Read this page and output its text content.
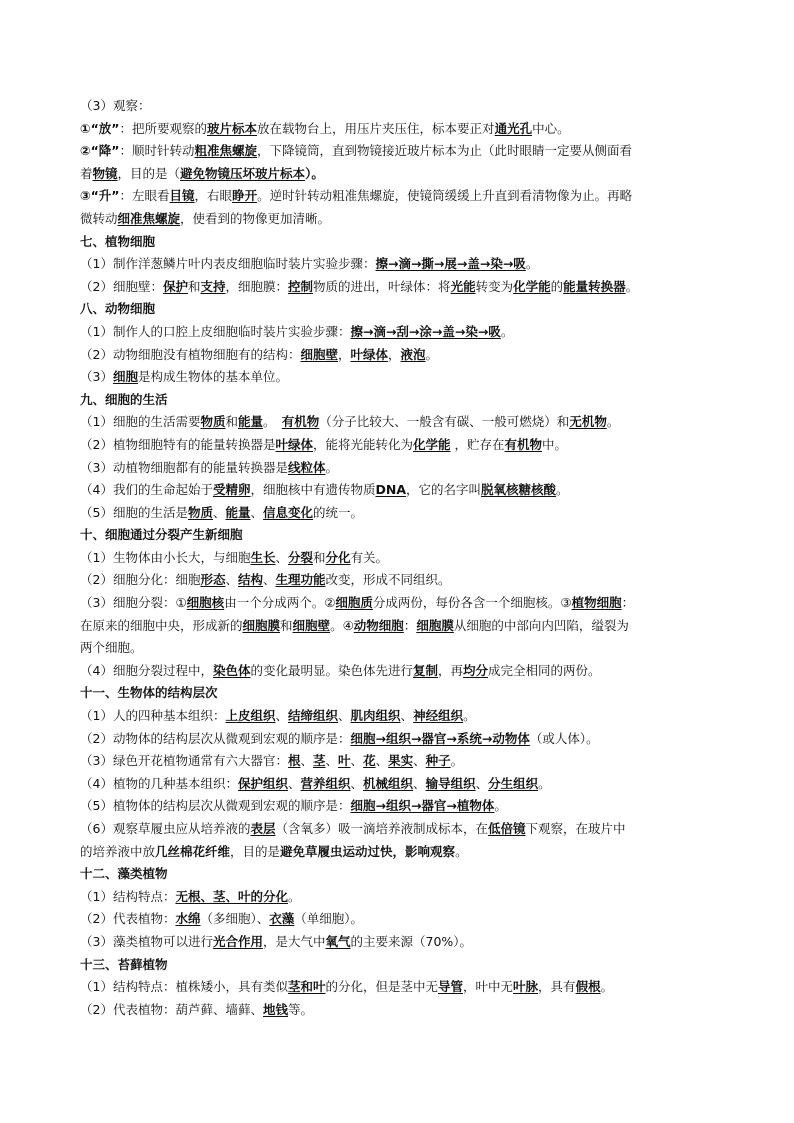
（3）观察：
①“放”：把所要观察的玻片标本放在载物台上，用压片夹压住，标本要正对通光孔中心。
②“降”：顺时针转动粗准焦螺旋，下降镜筒，直到物镜接近玻片标本为止（此时眼睛一定要从侧面看
着物镜，目的是（避免物镜压坏玻片标本）。
③“升”：左眼看目镜，右眼睁开。逆时针转动粗准焦螺旋，使镜筒缓缓上升直到看清物像为止。再略
微转动细准焦螺旋，使看到的物像更加清晰。
七、植物细胞
（1）制作洋葱鳞片叶内表皮细胞临时装片实验步骤：擦→滴→撕→展→盖→染→吸。
（2）细胞壁：保护和支持，细胞膜：控制物质的进出，叶绿体：将光能转变为化学能的能量转换器。
八、动物细胞
（1）制作人的口腔上皮细胞临时装片实验步骤：擦→滴→刮→涂→盖→染→吸。
（2）动物细胞没有植物细胞有的结构：细胞壁，叶绿体，液泡。
（3）细胞是构成生物体的基本单位。
九、细胞的生活
（1）细胞的生活需要物质和能量。　有机物（分子比较大、一般含有碳、一般可燃烧）和无机物。
（2）植物细胞特有的能量转换器是叶绿体，能将光能转化为化学能 ，贮存在有机物中。
（3）动植物细胞都有的能量转换器是线粒体。
（4）我们的生命起始于受精卵，细胞核中有遗传物质DNA，它的名字叫脱氧核糖核酸。
（5）细胞的生活是物质、能量、信息变化的统一。
十、细胞通过分裂产生新细胞
（1）生物体由小长大，与细胞生长、分裂和分化有关。
（2）细胞分化：细胞形态、结构、生理功能改变，形成不同组织。
（3）细胞分裂：①细胞核由一个分成两个。②细胞质分成两份，每份各含一个细胞核。③植物细胞：
在原来的细胞中央，形成新的细胞膜和细胞壁。④动物细胞：细胞膜从细胞的中部向内凹陷，缢裂为
两个细胞。
（4）细胞分裂过程中，染色体的变化最明显。染色体先进行复制，再均分成完全相同的两份。
十一、生物体的结构层次
（1）人的四种基本组织：上皮组织、结缔组织、肌肉组织、神经组织。
（2）动物体的结构层次从微观到宏观的顺序是：细胞→组织→器官→系统→动物体（或人体）。
（3）绿色开花植物通常有六大器官：根、茎、叶、花、果实、种子。
（4）植物的几种基本组织：保护组织、营养组织、机械组织、输导组织、分生组织。
（5）植物体的结构层次从微观到宏观的顺序是：细胞→组织→器官→植物体。
（6）观察草履虫应从培养液的表层（含氧多）吸一滴培养液制成标本，在低倍镜下观察，在玻片中
的培养液中放几丝棉花纤维，目的是避免草履虫运动过快，影响观察。
十二、藻类植物
（1）结构特点：无根、茎、叶的分化。
（2）代表植物：水绵（多细胞）、衣藻（单细胞）。
（3）藻类植物可以进行光合作用，是大气中氧气的主要来源（70%）。
十三、苔藓植物
（1）结构特点：植株矮小，具有类似茎和叶的分化，但是茎中无导管，叶中无叶脉，具有假根。
（2）代表植物：葫芦藓、墙藓、地钱等。
